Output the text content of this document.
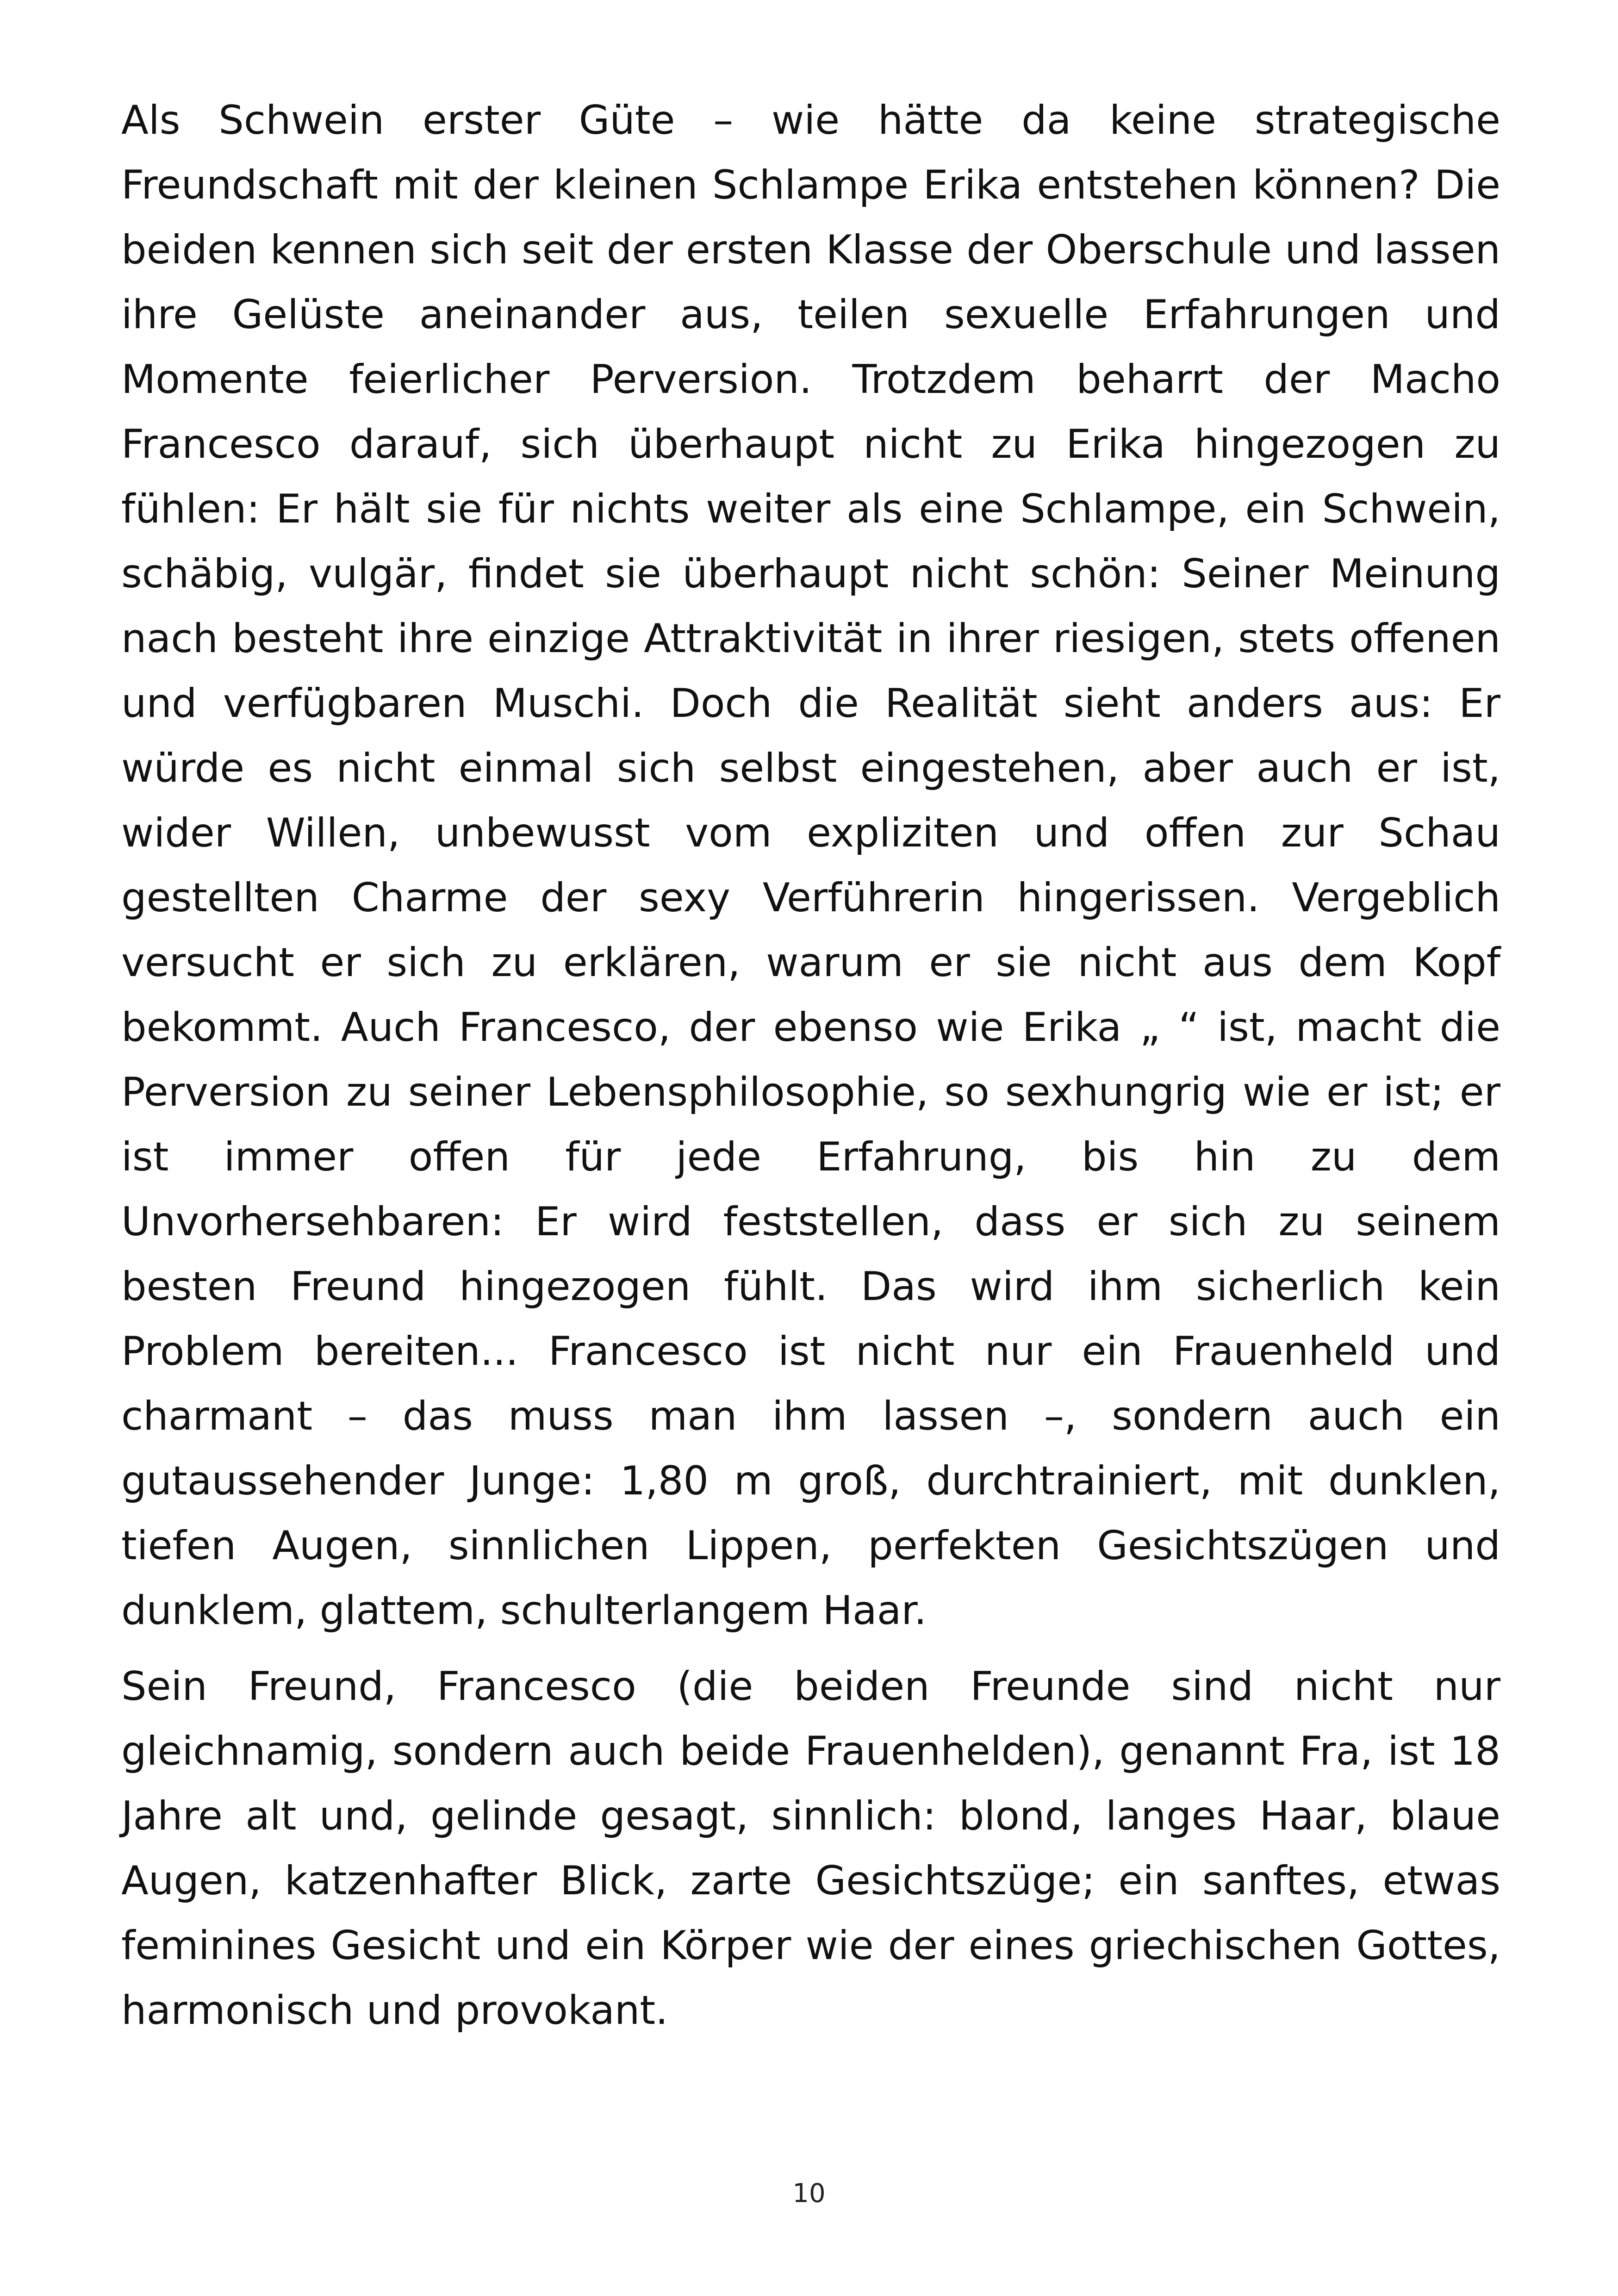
Als Schwein erster Güte – wie hätte da keine strategische Freundschaft mit der kleinen Schlampe Erika entstehen können? Die beiden kennen sich seit der ersten Klasse der Oberschule und lassen ihre Gelüste aneinander aus, teilen sexuelle Erfahrungen und Momente feierlicher Perversion. Trotzdem beharrt der Macho Francesco darauf, sich überhaupt nicht zu Erika hingezogen zu fühlen: Er hält sie für nichts weiter als eine Schlampe, ein Schwein, schäbig, vulgär, findet sie überhaupt nicht schön: Seiner Meinung nach besteht ihre einzige Attraktivität in ihrer riesigen, stets offenen und verfügbaren Muschi. Doch die Realität sieht anders aus: Er würde es nicht einmal sich selbst eingestehen, aber auch er ist, wider Willen, unbewusst vom expliziten und offen zur Schau gestellten Charme der sexy Verführerin hingerissen. Vergeblich versucht er sich zu erklären, warum er sie nicht aus dem Kopf bekommt. Auch Francesco, der ebenso wie Erika „ “ ist, macht die Perversion zu seiner Lebensphilosophie, so sexhungrig wie er ist; er ist immer offen für jede Erfahrung, bis hin zu dem Unvorhersehbaren: Er wird feststellen, dass er sich zu seinem besten Freund hingezogen fühlt. Das wird ihm sicherlich kein Problem bereiten... Francesco ist nicht nur ein Frauenheld und charmant – das muss man ihm lassen –, sondern auch ein gutaussehender Junge: 1,80 m groß, durchtrainiert, mit dunklen, tiefen Augen, sinnlichen Lippen, perfekten Gesichtszügen und dunklem, glattem, schulterlangem Haar.

Sein Freund, Francesco (die beiden Freunde sind nicht nur gleichnamig, sondern auch beide Frauenhelden), genannt Fra, ist 18 Jahre alt und, gelinde gesagt, sinnlich: blond, langes Haar, blaue Augen, katzenhafter Blick, zarte Gesichtszüge; ein sanftes, etwas feminines Gesicht und ein Körper wie der eines griechischen Gottes, harmonisch und provokant.

10
